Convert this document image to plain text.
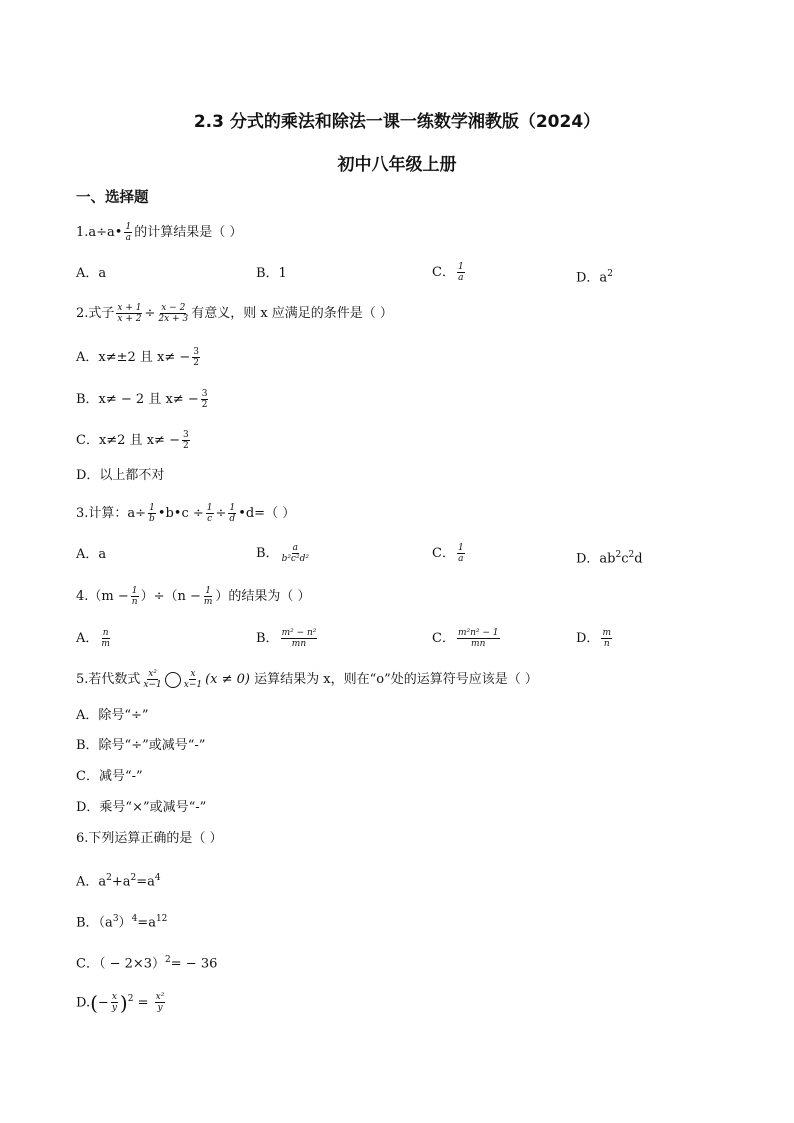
2.3 分式的乘法和除法一课一练数学湘教版（2024）
初中八年级上册
一、选择题
1.a÷a• $\frac{1}{a}$ 的计算结果是（ ）
A．a	B．1	C． $\frac{1}{a}$	D．$a^2$
2.式子 $\frac{x + 1}{x + 2} \div \frac{x - 2}{2x + 3}$ 有意义，则 x 应满足的条件是（ ）
A．x≠±2 且 $x\ne - \frac{3}{2}$
B．x≠ − 2 且 $x\ne - \frac{3}{2}$
C．x≠2 且 $x\ne - \frac{3}{2}$
D．以上都不对
3.计算：$a\div \frac{1}{b}$ •b•c ÷ $\frac{1}{c} \div \frac{1}{d}$ •d=（ ）
A．a	B． $\frac{a}{\text{b²c²d²}}$	C． $\frac{1}{a}$	D．$ab^2c^2d$
$4.(m - \frac{1}{n} )\div(n - \frac{1}{m}$ ）的结果为（ ）
A． $\frac{n}{m}$	B． $\frac{\text{m² − n²}}{mn}$	C． $\frac{\text{m²n² − 1}}{mn}$	D． $\frac{m}{n}$
5.若代数式 $\frac{\text{x²}}{x-1} \frac{x}{x-1} (x \ne 0)$ 运算结果为 x，则在“o”处的运算符号应该是（ ）
A．除号“÷”
B．除号“÷”或减号“-”
C．减号“-”
D．乘号“×”或减号“-”
6.下列运算正确的是（ ）
A．$a^2+a^2=a^4$
B．$(a^3)^4=a^{12}$
C．（ − 2×3）$^2$= − 36
$D.(- \frac{x}{y} )^2 = \frac{\text{x²}}{y}$
